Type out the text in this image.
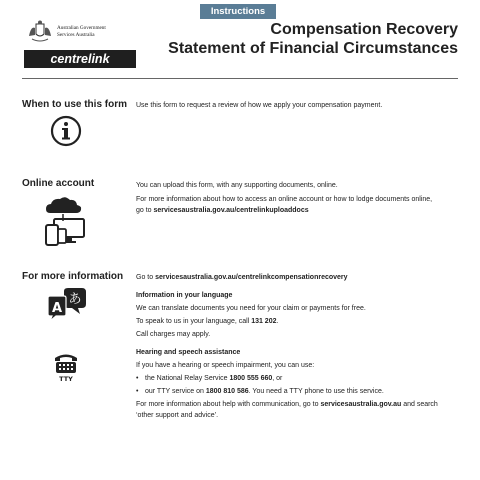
Instructions
Australian Government
Services Australia
centrelink
Compensation Recovery
Statement of Financial Circumstances
When to use this form Use this form to request a review of how we apply your compensation payment.

Online account	You can upload this form, with any supporting documents, online.

For more information about how to access an online account or how to lodge documents online,
go to servicesaustralia.gov.au/centrelinkuploaddocs

For more information
あ
A
TTY

Go to servicesaustralia.gov.au/centrelinkcompensationrecovery

Information in your language

We can translate documents you need for your claim or payments for free.

To speak to us in your language, call 131 202.

Call charges may apply.

Hearing and speech assistance

If you have a hearing or speech impairment, you can use:

• the National Relay Service 1800 555 660, or
• our TTY service on 1800 810 586. You need a TTY phone to use this service.

For more information about help with communication, go to servicesaustralia.gov.au and search
‘other support and advice’.
